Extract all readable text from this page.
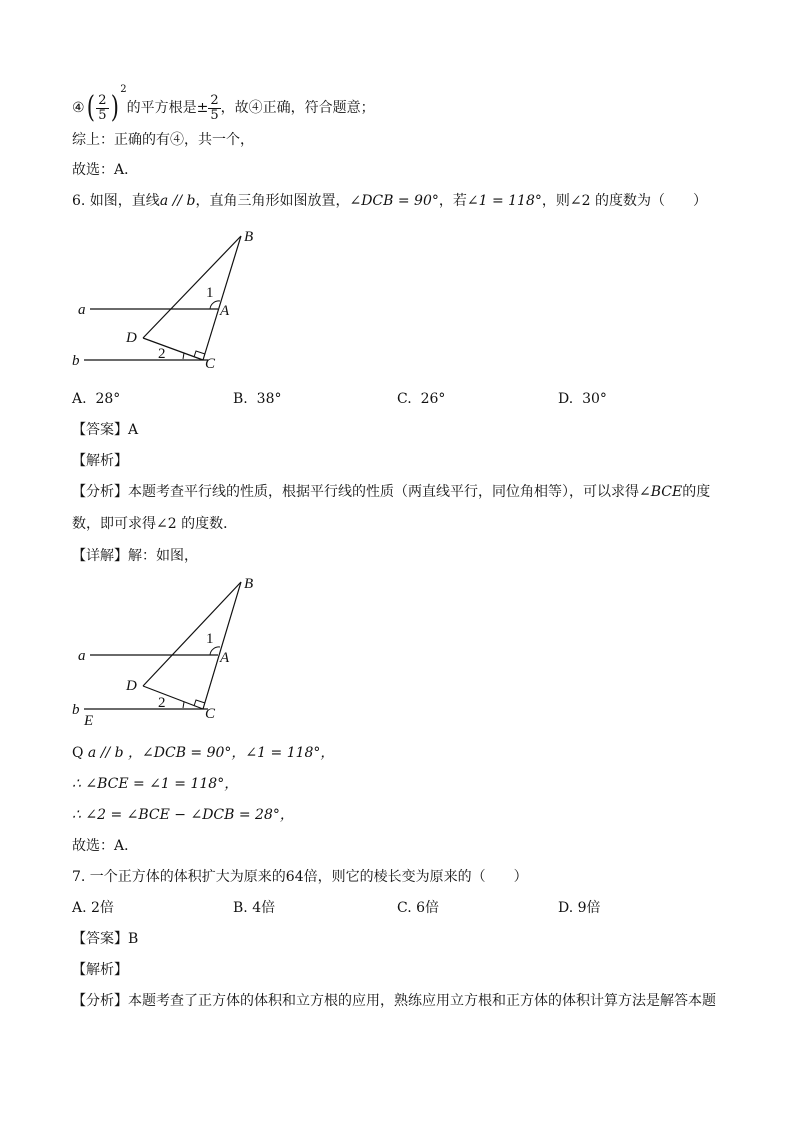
④( $\frac{2}{5} )^2$的平方根是± $\frac{2}{5}$ ，故④正确，符合题意；
综上：正确的有④，共一个，
故选：A．
6. 如图，直线a // b，直角三角形如图放置，∠DCB = 90°，若∠1 = 118°，则∠2 的度数为（　　）
B
A
a
b
D
C
1
2
A. 28°	B. 38°	C. 26°	D. 30°
【答案】A
【解析】
【分析】本题考查平行线的性质，根据平行线的性质（两直线平行，同位角相等），可以求得∠BCE的度
数，即可求得∠2 的度数．
【详解】解：如图，
B
A
a
b
E
D
C
1
2
Q a // b ，∠DCB = 90°，∠1 = 118°，
∴ ∠BCE = ∠1 = 118°，
∴ ∠2 = ∠BCE − ∠DCB = 28°，
故选：A．
7. 一个正方体的体积扩大为原来的64倍，则它的棱长变为原来的（　　）
A. 2倍	B. 4倍	C. 6倍	D. 9倍
【答案】B
【解析】
【分析】本题考查了正方体的体积和立方根的应用，熟练应用立方根和正方体的体积计算方法是解答本题
